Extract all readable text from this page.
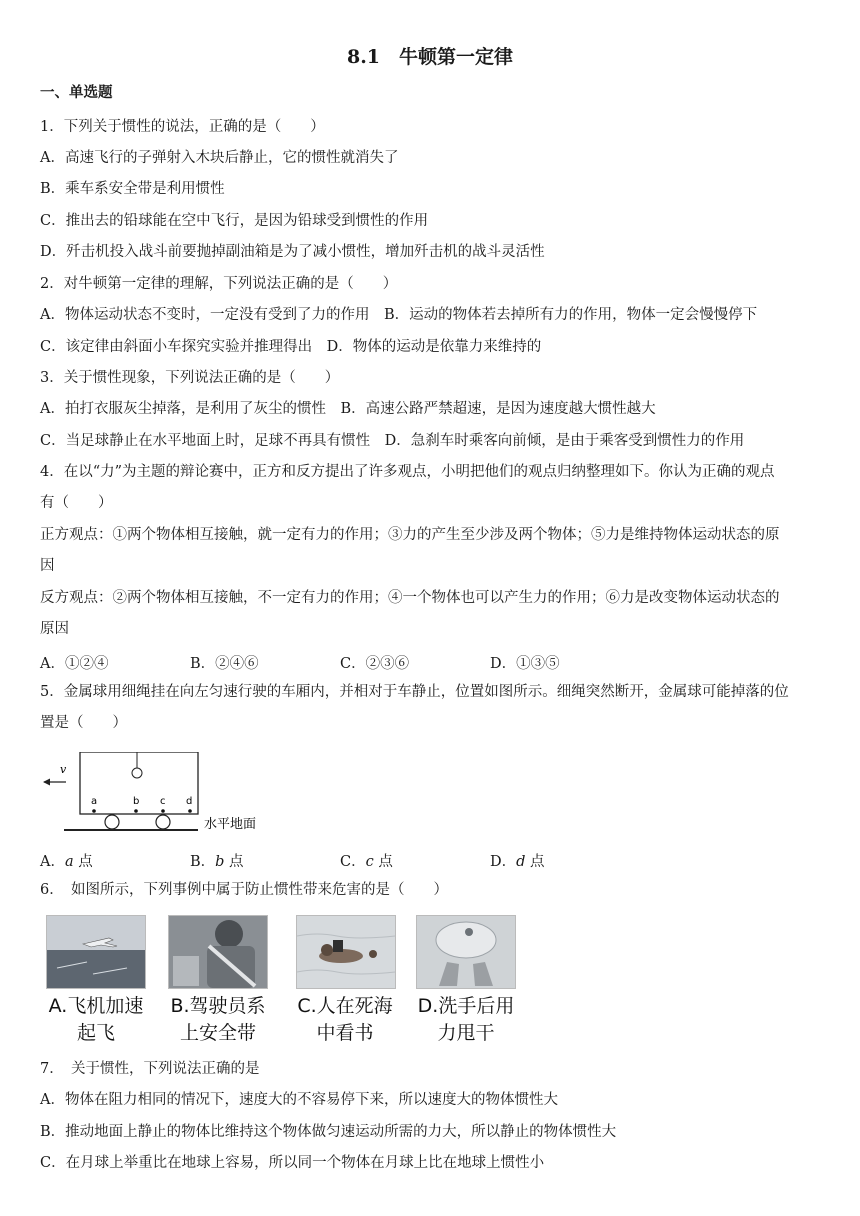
8.1　牛顿第一定律
一、单选题
1．下列关于惯性的说法，正确的是（　　）
A．高速飞行的子弹射入木块后静止，它的惯性就消失了
B．乘车系安全带是利用惯性
C．推出去的铅球能在空中飞行，是因为铅球受到惯性的作用
D．歼击机投入战斗前要抛掉副油箱是为了减小惯性，增加歼击机的战斗灵活性
2．对牛顿第一定律的理解，下列说法正确的是（　　）
A．物体运动状态不变时，一定没有受到了力的作用　B．运动的物体若去掉所有力的作用，物体一定会慢慢停下
C．该定律由斜面小车探究实验并推理得出　D．物体的运动是依靠力来维持的
3．关于惯性现象，下列说法正确的是（　　）
A．拍打衣服灰尘掉落，是利用了灰尘的惯性　B．高速公路严禁超速，是因为速度越大惯性越大
C．当足球静止在水平地面上时，足球不再具有惯性　D．急刹车时乘客向前倾，是由于乘客受到惯性力的作用
4．在以“力”为主题的辩论赛中，正方和反方提出了许多观点，小明把他们的观点归纳整理如下。你认为正确的观点
有（　　）
正方观点：①两个物体相互接触，就一定有力的作用；③力的产生至少涉及两个物体；⑤力是维持物体运动状态的原
因
反方观点：②两个物体相互接触，不一定有力的作用；④一个物体也可以产生力的作用；⑥力是改变物体运动状态的
原因
A．①②④	B．②④⑥	C．②③⑥	D．①③⑤
5．金属球用细绳挂在向左匀速行驶的车厢内，并相对于车静止，位置如图所示。细绳突然断开，金属球可能掉落的位
置是（　　）
v
a	b c d
水平地面
A．a 点	B．b 点	C．c 点	D．d 点
6．　如图所示，下列事例中属于防止惯性带来危害的是（　　）
A.飞机加速
起飞
B.驾驶员系
上安全带
C.人在死海
中看书
D.洗手后用
力甩干
7．　关于惯性，下列说法正确的是
A．物体在阻力相同的情况下，速度大的不容易停下来，所以速度大的物体惯性大
B．推动地面上静止的物体比维持这个物体做匀速运动所需的力大，所以静止的物体惯性大
C．在月球上举重比在地球上容易，所以同一个物体在月球上比在地球上惯性小
